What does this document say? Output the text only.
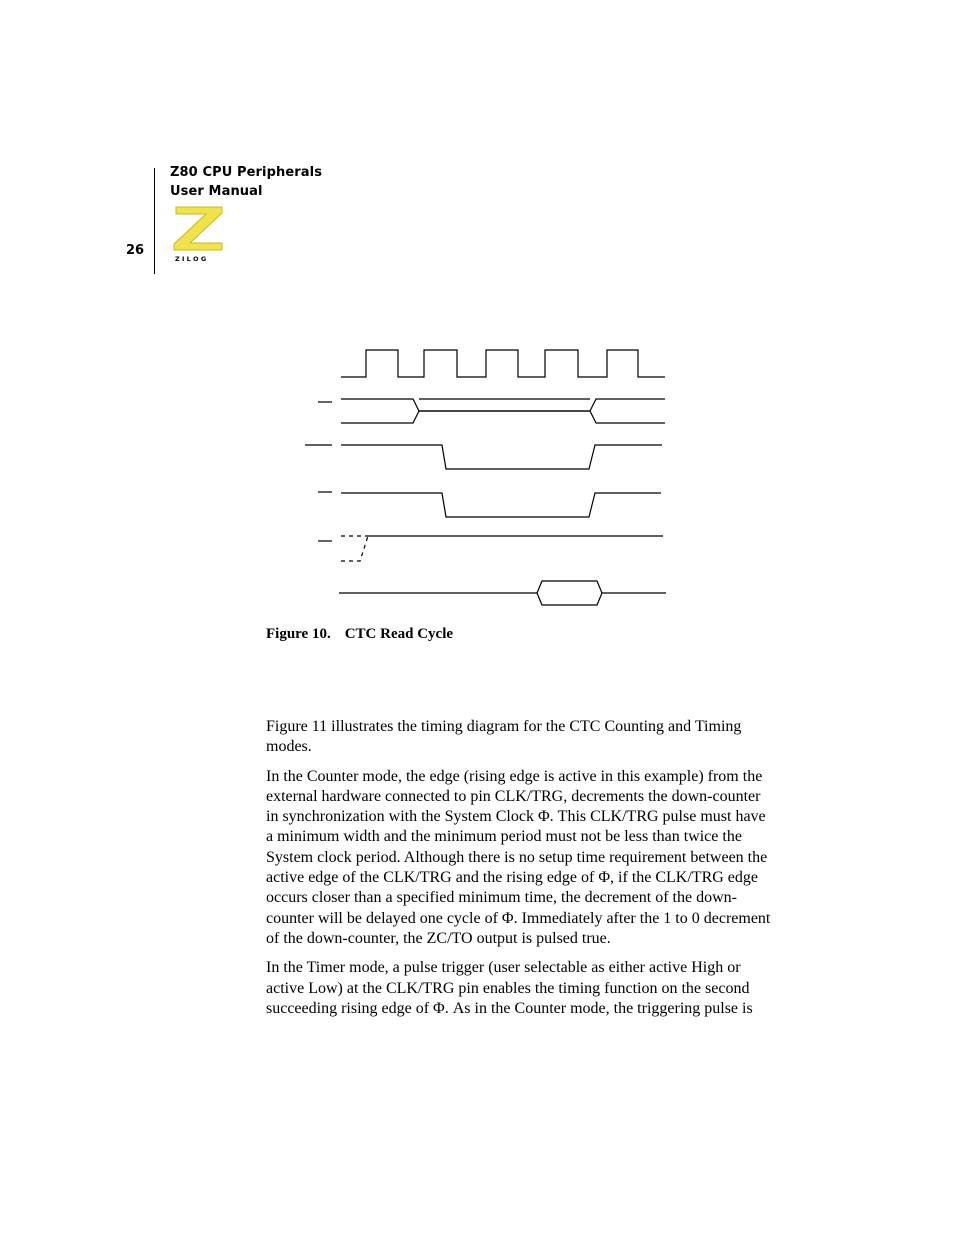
Z80 CPU Peripherals
User Manual
26
Z I L O G
Figure 10. CTC Read Cycle

Figure 11 illustrates the timing diagram for the CTC Counting and Timing modes.

In the Counter mode, the edge (rising edge is active in this example) from the external hardware connected to pin CLK/TRG, decrements the down-counter in synchronization with the System Clock Φ. This CLK/TRG pulse must have a minimum width and the minimum period must not be less than twice the System clock period. Although there is no setup time requirement between the active edge of the CLK/TRG and the rising edge of Φ, if the CLK/TRG edge occurs closer than a specified minimum time, the decrement of the down-counter will be delayed one cycle of Φ. Immediately after the 1 to 0 decrement of the down-counter, the ZC/TO output is pulsed true.

In the Timer mode, a pulse trigger (user selectable as either active High or active Low) at the CLK/TRG pin enables the timing function on the second succeeding rising edge of Φ. As in the Counter mode, the triggering pulse is
